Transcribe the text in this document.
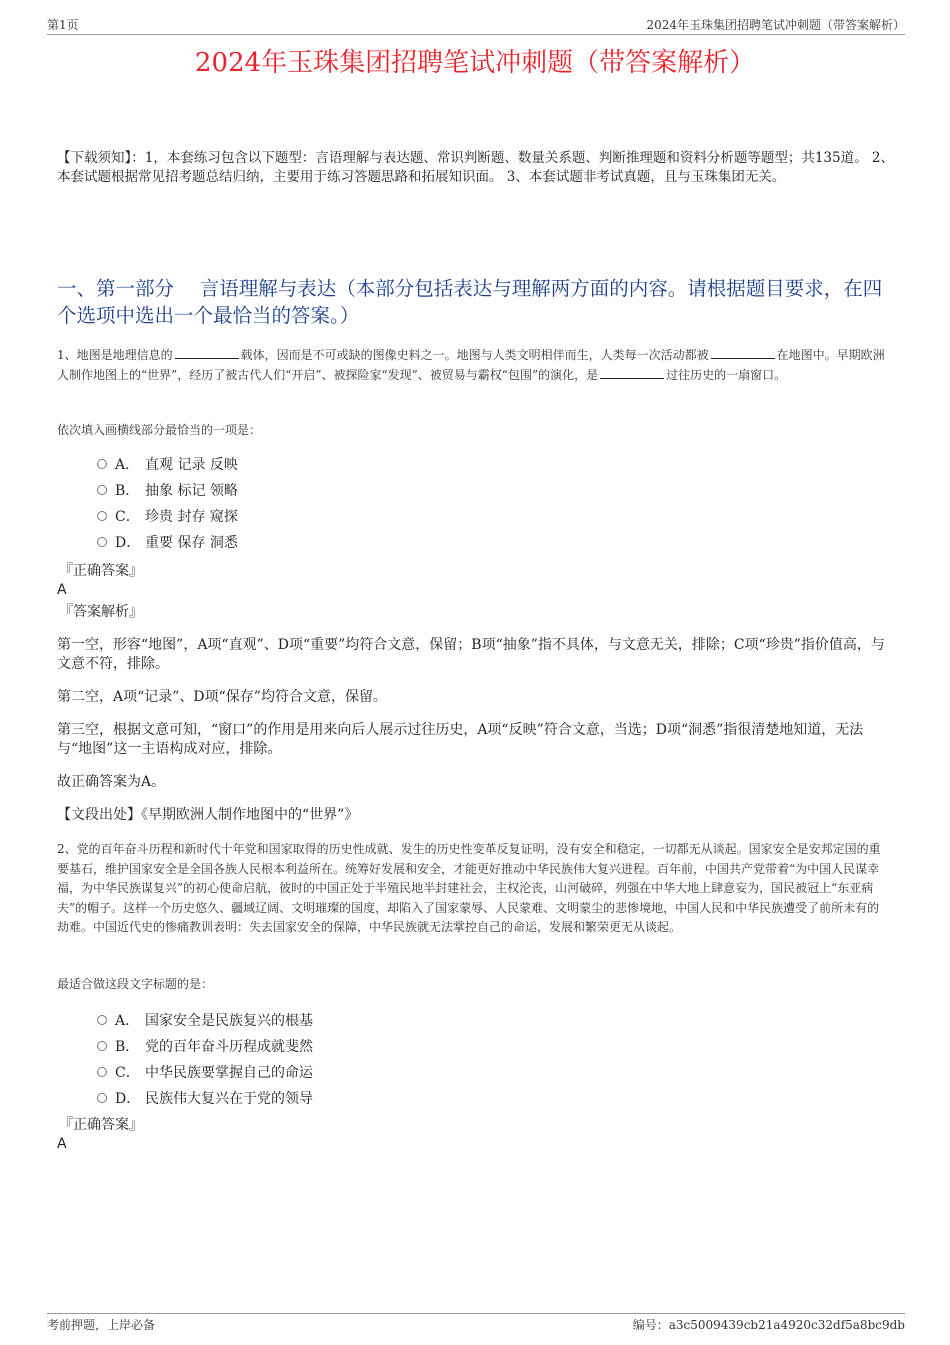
第1页	2024年玉珠集团招聘笔试冲刺题（带答案解析）
2024年玉珠集团招聘笔试冲刺题（带答案解析）
【下载须知】：1，本套练习包含以下题型：言语理解与表达题、常识判断题、数量关系题、判断推理题和资料分析题等题型；共135道。 2、本套试题根据常见招考题总结归纳，主要用于练习答题思路和拓展知识面。 3、本套试题非考试真题，且与玉珠集团无关。
一、第一部分　 言语理解与表达（本部分包括表达与理解两方面的内容。请根据题目要求，在四个选项中选出一个最恰当的答案。）
1、地图是地理信息的	载体，因而是不可或缺的图像史料之一。地图与人类文明相伴而生，人类每一次活动都被	在地图中。早期欧洲人制作地图上的“世界”，经历了被古代人们“开启”、被探险家“发现”、被贸易与霸权“包围”的演化，是	过往历史的一扇窗口。
依次填入画横线部分最恰当的一项是：
A． 直观 记录 反映
B． 抽象 标记 领略
C． 珍贵 封存 窥探
D． 重要 保存 洞悉
『正确答案』
A
『答案解析』
第一空，形容“地图”，A项“直观”、D项“重要”均符合文意，保留；B项“抽象”指不具体，与文意无关，排除；C项“珍贵”指价值高，与文意不符，排除。
第二空，A项“记录”、D项“保存”均符合文意，保留。
第三空，根据文意可知，“窗口”的作用是用来向后人展示过往历史，A项“反映”符合文意，当选；D项“洞悉”指很清楚地知道，无法与“地图”这一主语构成对应，排除。
故正确答案为A。
【文段出处】《早期欧洲人制作地图中的“世界”》
2、党的百年奋斗历程和新时代十年党和国家取得的历史性成就、发生的历史性变革反复证明，没有安全和稳定，一切都无从谈起。国家安全是安邦定国的重要基石，维护国家安全是全国各族人民根本利益所在。统筹好发展和安全，才能更好推动中华民族伟大复兴进程。百年前，中国共产党带着“为中国人民谋幸福，为中华民族谋复兴”的初心使命启航，彼时的中国正处于半殖民地半封建社会，主权沦丧，山河破碎，列强在中华大地上肆意妄为，国民被冠上“东亚病夫”的帽子。这样一个历史悠久、疆域辽阔、文明璀璨的国度，却陷入了国家蒙辱、人民蒙难、文明蒙尘的悲惨境地，中国人民和中华民族遭受了前所未有的劫难。中国近代史的惨痛教训表明：失去国家安全的保障，中华民族就无法掌控自己的命运，发展和繁荣更无从谈起。
最适合做这段文字标题的是：
A． 国家安全是民族复兴的根基
B． 党的百年奋斗历程成就斐然
C． 中华民族要掌握自己的命运
D． 民族伟大复兴在于党的领导
『正确答案』
A
考前押题，上岸必备	编号：a3c5009439cb21a4920c32df5a8bc9db
